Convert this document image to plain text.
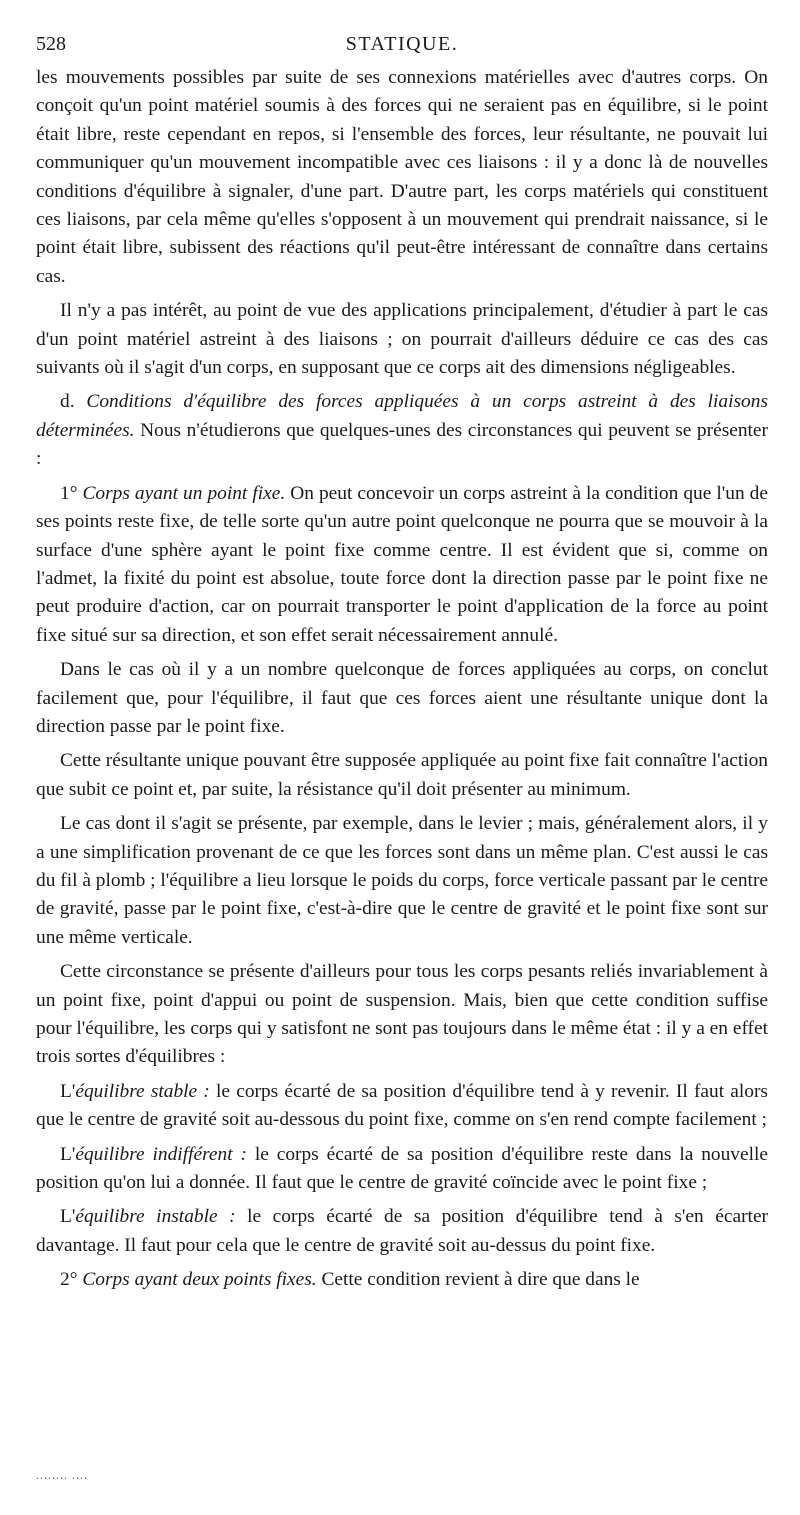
528	STATIQUE.

les mouvements possibles par suite de ses connexions matérielles avec d'autres corps. On conçoit qu'un point matériel soumis à des forces qui ne seraient pas en équilibre, si le point était libre, reste cependant en repos, si l'ensemble des forces, leur résultante, ne pouvait lui communiquer qu'un mouvement incompatible avec ces liaisons : il y a donc là de nouvelles conditions d'équilibre à signaler, d'une part. D'autre part, les corps matériels qui constituent ces liaisons, par cela même qu'elles s'opposent à un mouvement qui prendrait naissance, si le point était libre, subissent des réactions qu'il peut-être intéressant de connaître dans certains cas.

Il n'y a pas intérêt, au point de vue des applications principalement, d'étudier à part le cas d'un point matériel astreint à des liaisons ; on pourrait d'ailleurs déduire ce cas des cas suivants où il s'agit d'un corps, en supposant que ce corps ait des dimensions négligeables.

d. Conditions d'équilibre des forces appliquées à un corps astreint à des liaisons déterminées. Nous n'étudierons que quelques-unes des circonstances qui peuvent se présenter :

1° Corps ayant un point fixe. On peut concevoir un corps astreint à la condition que l'un de ses points reste fixe, de telle sorte qu'un autre point quelconque ne pourra que se mouvoir à la surface d'une sphère ayant le point fixe comme centre. Il est évident que si, comme on l'admet, la fixité du point est absolue, toute force dont la direction passe par le point fixe ne peut produire d'action, car on pourrait transporter le point d'application de la force au point fixe situé sur sa direction, et son effet serait nécessairement annulé.

Dans le cas où il y a un nombre quelconque de forces appliquées au corps, on conclut facilement que, pour l'équilibre, il faut que ces forces aient une résultante unique dont la direction passe par le point fixe.

Cette résultante unique pouvant être supposée appliquée au point fixe fait connaître l'action que subit ce point et, par suite, la résistance qu'il doit présenter au minimum.

Le cas dont il s'agit se présente, par exemple, dans le levier ; mais, généralement alors, il y a une simplification provenant de ce que les forces sont dans un même plan. C'est aussi le cas du fil à plomb ; l'équilibre a lieu lorsque le poids du corps, force verticale passant par le centre de gravité, passe par le point fixe, c'est-à-dire que le centre de gravité et le point fixe sont sur une même verticale.

Cette circonstance se présente d'ailleurs pour tous les corps pesants reliés invariablement à un point fixe, point d'appui ou point de suspension. Mais, bien que cette condition suffise pour l'équilibre, les corps qui y satisfont ne sont pas toujours dans le même état : il y a en effet trois sortes d'équilibres :

L'équilibre stable : le corps écarté de sa position d'équilibre tend à y revenir. Il faut alors que le centre de gravité soit au-dessous du point fixe, comme on s'en rend compte facilement ;

L'équilibre indifférent : le corps écarté de sa position d'équilibre reste dans la nouvelle position qu'on lui a donnée. Il faut que le centre de gravité coïncide avec le point fixe ;

L'équilibre instable : le corps écarté de sa position d'équilibre tend à s'en écarter davantage. Il faut pour cela que le centre de gravité soit au-dessus du point fixe.

2° Corps ayant deux points fixes. Cette condition revient à dire que dans le

........ ....
